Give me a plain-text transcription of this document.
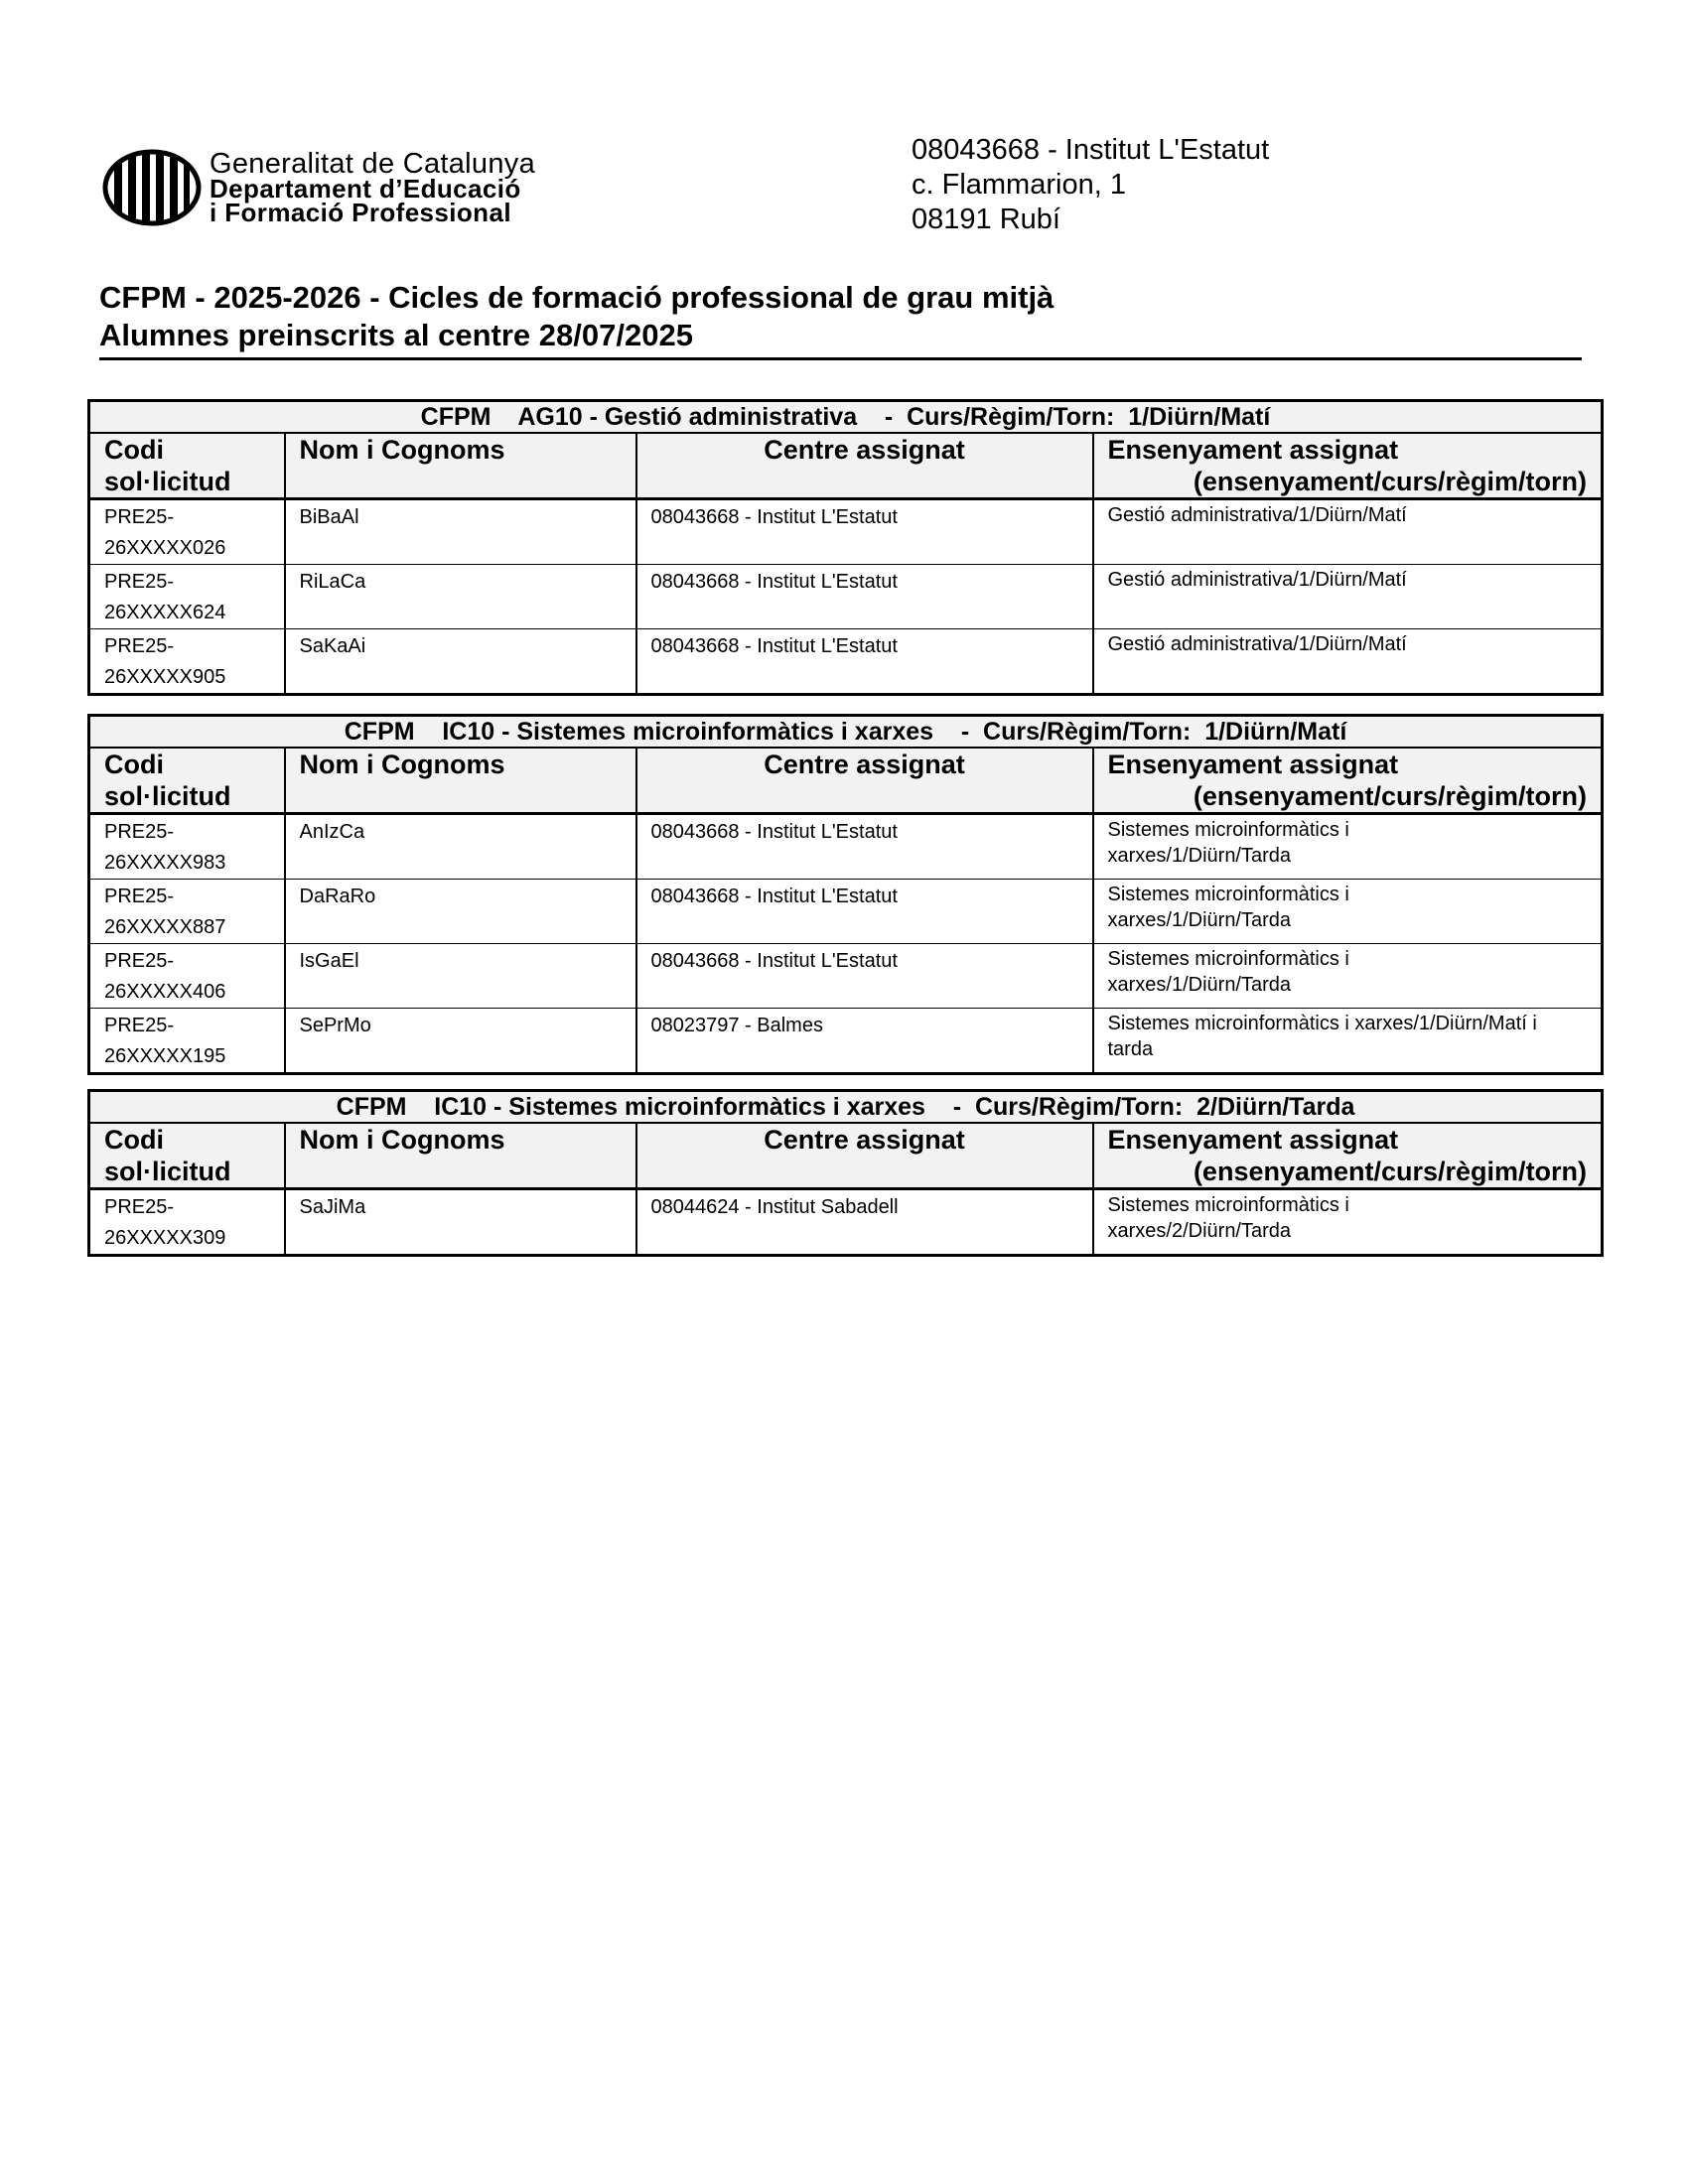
Generalitat de Catalunya
Departament d’Educació
i Formació Professional
08043668 - Institut L'Estatut
c. Flammarion, 1
08191 Rubí
CFPM - 2025-2026 - Cicles de formació professional de grau mitjà
Alumnes preinscrits al centre 28/07/2025
CFPM    AG10 - Gestió administrativa    -  Curs/Règim/Torn:  1/Diürn/Matí			
Codi
sol·licitud	Nom i Cognoms	Centre assignat	Ensenyament assignat
(ensenyament/curs/règim/torn)

PRE25-
26XXXXX026	BiBaAl	08043668 - Institut L'Estatut	Gestió administrativa/1/Diürn/Matí
PRE25-
26XXXXX624	RiLaCa	08043668 - Institut L'Estatut	Gestió administrativa/1/Diürn/Matí
PRE25-
26XXXXX905	SaKaAi	08043668 - Institut L'Estatut	Gestió administrativa/1/Diürn/Matí
CFPM    IC10 - Sistemes microinformàtics i xarxes    -  Curs/Règim/Torn:  1/Diürn/Matí			
Codi
sol·licitud	Nom i Cognoms	Centre assignat	Ensenyament assignat
(ensenyament/curs/règim/torn)

PRE25-
26XXXXX983	AnIzCa	08043668 - Institut L'Estatut	Sistemes microinformàtics i
xarxes/1/Diürn/Tarda
PRE25-
26XXXXX887	DaRaRo	08043668 - Institut L'Estatut	Sistemes microinformàtics i
xarxes/1/Diürn/Tarda
PRE25-
26XXXXX406	IsGaEl	08043668 - Institut L'Estatut	Sistemes microinformàtics i
xarxes/1/Diürn/Tarda
PRE25-
26XXXXX195	SePrMo	08023797 - Balmes	Sistemes microinformàtics i xarxes/1/Diürn/Matí i
tarda
CFPM    IC10 - Sistemes microinformàtics i xarxes    -  Curs/Règim/Torn:  2/Diürn/Tarda			
Codi
sol·licitud	Nom i Cognoms	Centre assignat	Ensenyament assignat
(ensenyament/curs/règim/torn)

PRE25-
26XXXXX309	SaJiMa	08044624 - Institut Sabadell	Sistemes microinformàtics i
xarxes/2/Diürn/Tarda
